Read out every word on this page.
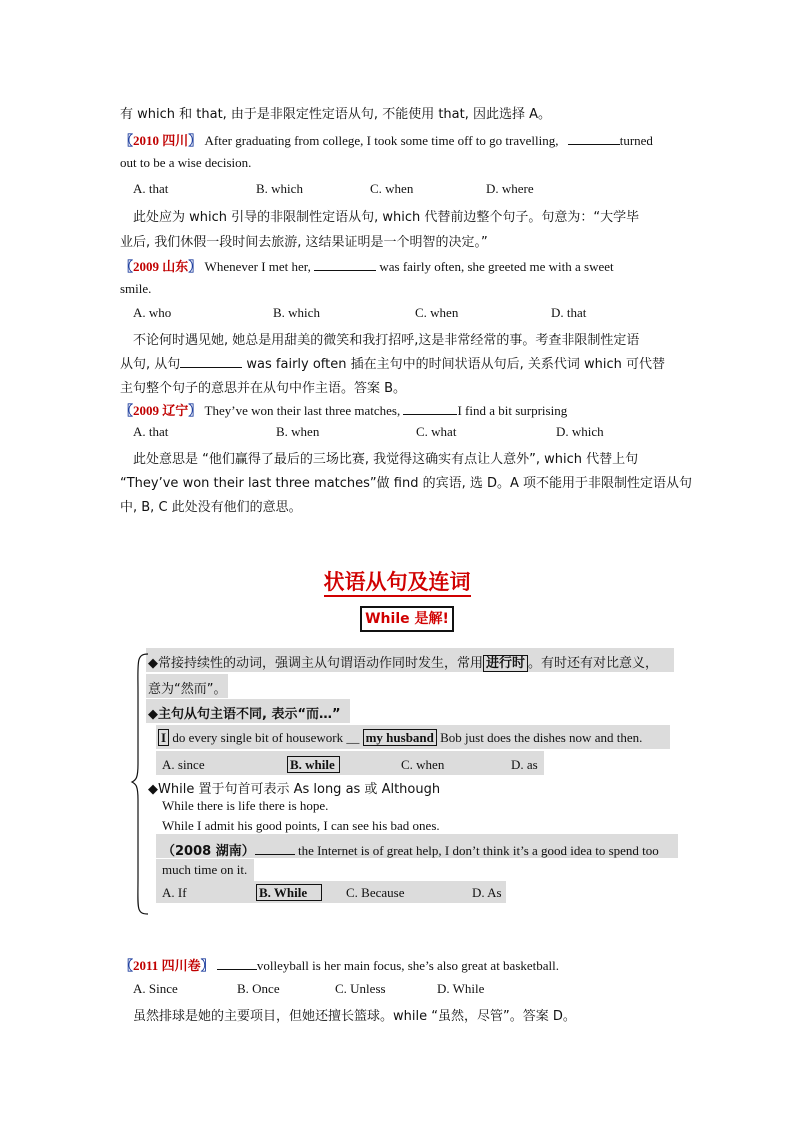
有 which 和 that, 由于是非限定性定语从句, 不能使用 that, 因此选择 A。
〖2010 四川〗 After graduating from college, I took some time off to go travelling,	turned
out to be a wise decision.
A. that	B. which	C. when	D. where
此处应为 which 引导的非限制性定语从句, which 代替前边整个句子。句意为：“大学毕
业后, 我们休假一段时间去旅游, 这结果证明是一个明智的决定。”
〖2009 山东〗 Whenever I met her,	was fairly often, she greeted me with a sweet
smile.
A. who	B. which	C. when	D. that
不论何时遇见她, 她总是用甜美的微笑和我打招呼,这是非常经常的事。考查非限制性定语
从句, 从句	was fairly often 插在主句中的时间状语从句后, 关系代词 which 可代替
主句整个句子的意思并在从句中作主语。答案 B。
〖2009 辽宁〗 They’ve won their last three matches,	I find a bit surprising
A. that	B. when	C. what	D. which
此处意思是 “他们赢得了最后的三场比赛, 我觉得这确实有点让人意外”, which 代替上句
“They’ve won their last three matches”做 find 的宾语, 选 D。A 项不能用于非限制性定语从句
中, B, C 此处没有他们的意思。
状语从句及连词
While 是解!
◆常接持续性的动词，强调主从句谓语动作同时发生，常用 进行时 。有时还有对比意义，
意为“然而”。
◆主句从句主语不同, 表示“而…”
I do every single bit of housework __ my husband Bob just does the dishes now and then.
A. since	B. while	C. when	D. as
◆While 置于句首可表示 As long as 或 Although
While there is life there is hope.
While I admit his good points, I can see his bad ones.
（2008 湖南）	the Internet is of great help, I don’t think it’s a good idea to spend too
much time on it.
A. If	B. While	C. Because	D. As
〖2011 四川卷〗	volleyball is her main focus, she’s also great at basketball.
A. Since	B. Once	C. Unless	D. While
虽然排球是她的主要项目，但她还擅长篮球。while “虽然，尽管”。答案 D。
